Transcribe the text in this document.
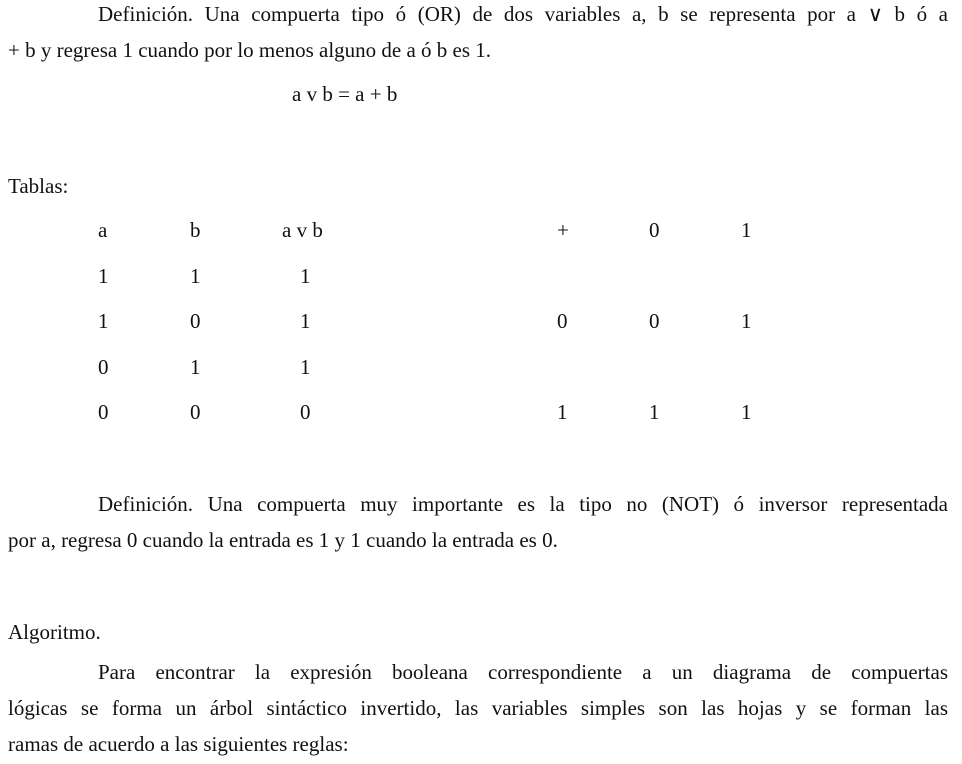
Definición. Una compuerta tipo ó (OR) de dos variables a, b se representa por a ∨ b ó a
+ b y regresa 1 cuando por lo menos alguno de a ó b es 1.
a v b = a + b
Tablas:
a	b	a v b
1	1	1
1	0	1
0	1	1
0	0	0
+	0	1
0	0	1
1	1	1
Definición. Una compuerta muy importante es la tipo no (NOT) ó inversor representada
por a, regresa 0 cuando la entrada es 1 y 1 cuando la entrada es 0.
Algoritmo.
Para encontrar la expresión booleana correspondiente a un diagrama de compuertas
lógicas se forma un árbol sintáctico invertido, las variables simples son las hojas y se forman las
ramas de acuerdo a las siguientes reglas:
